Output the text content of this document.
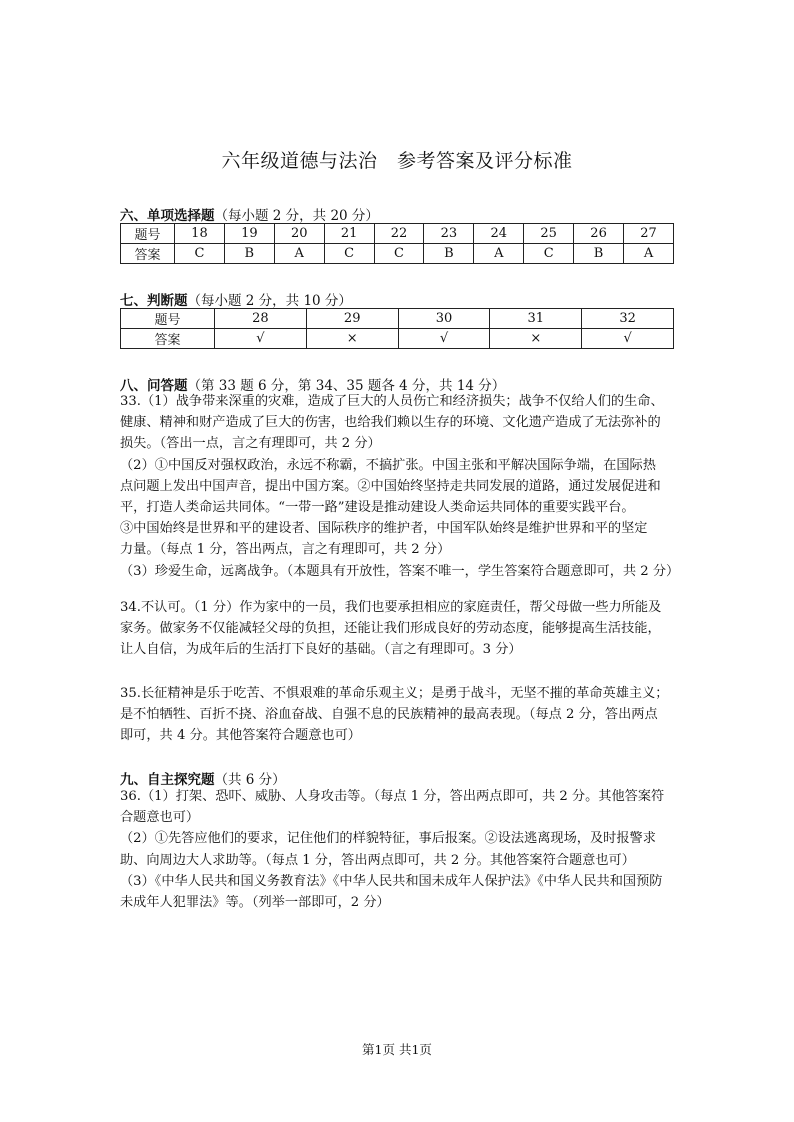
六年级道德与法治　参考答案及评分标准
六、单项选择题（每小题 2 分，共 20 分）
题号	18	19	20	21	22	23	24	25	26	27
答案	C	B	A	C	C	B	A	C	B	A
七、判断题（每小题 2 分，共 10 分）
题号	28	29	30	31	32
答案	√	×	√	×	√
八、问答题（第 33 题 6 分，第 34、35 题各 4 分，共 14 分）

33.（1）战争带来深重的灾难，造成了巨大的人员伤亡和经济损失；战争不仅给人们的生命、

健康、精神和财产造成了巨大的伤害，也给我们赖以生存的环境、文化遗产造成了无法弥补的

损失。（答出一点，言之有理即可，共 2 分）

（2）①中国反对强权政治，永远不称霸，不搞扩张。中国主张和平解决国际争端，在国际热

点问题上发出中国声音，提出中国方案。②中国始终坚持走共同发展的道路，通过发展促进和

平，打造人类命运共同体。“一带一路”建设是推动建设人类命运共同体的重要实践平台。

③中国始终是世界和平的建设者、国际秩序的维护者，中国军队始终是维护世界和平的坚定

力量。（每点 1 分，答出两点，言之有理即可，共 2 分）

（3）珍爱生命，远离战争。（本题具有开放性，答案不唯一，学生答案符合题意即可，共 2 分）

34.不认可。（1 分）作为家中的一员，我们也要承担相应的家庭责任，帮父母做一些力所能及

家务。做家务不仅能减轻父母的负担，还能让我们形成良好的劳动态度，能够提高生活技能，

让人自信，为成年后的生活打下良好的基础。（言之有理即可。3 分）

35.长征精神是乐于吃苦、不惧艰难的革命乐观主义；是勇于战斗，无坚不摧的革命英雄主义；

是不怕牺牲、百折不挠、浴血奋战、自强不息的民族精神的最高表现。（每点 2 分，答出两点

即可，共 4 分。其他答案符合题意也可）

九、自主探究题（共 6 分）

36.（1）打架、恐吓、威胁、人身攻击等。（每点 1 分，答出两点即可，共 2 分。其他答案符

合题意也可）

（2）①先答应他们的要求，记住他们的样貌特征，事后报案。②设法逃离现场，及时报警求

助、向周边大人求助等。（每点 1 分，答出两点即可，共 2 分。其他答案符合题意也可）

（3）《中华人民共和国义务教育法》《中华人民共和国未成年人保护法》《中华人民共和国预防

未成年人犯罪法》等。（列举一部即可，2 分）

第1页 共1页
